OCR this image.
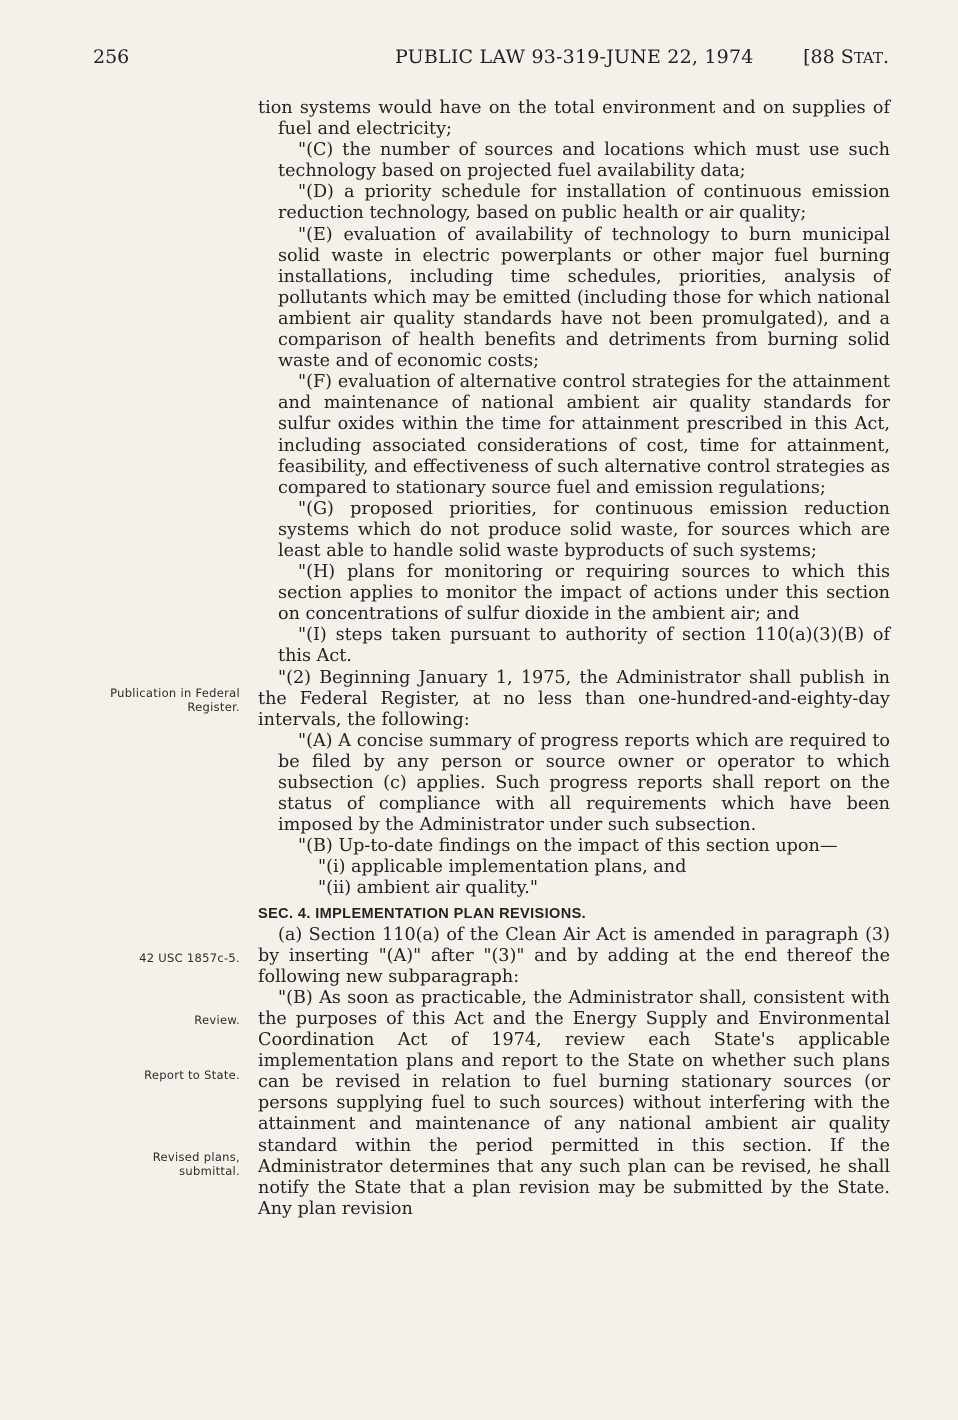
256	PUBLIC LAW 93-319-JUNE 22, 1974	[88 STAT.

tion systems would have on the total environment and on supplies of fuel and electricity;

"(C) the number of sources and locations which must use such technology based on projected fuel availability data;

"(D) a priority schedule for installation of continuous emission reduction technology, based on public health or air quality;

"(E) evaluation of availability of technology to burn municipal solid waste in electric powerplants or other major fuel burning installations, including time schedules, priorities, analysis of pollutants which may be emitted (including those for which national ambient air quality standards have not been promulgated), and a comparison of health benefits and detriments from burning solid waste and of economic costs;

"(F) evaluation of alternative control strategies for the attainment and maintenance of national ambient air quality standards for sulfur oxides within the time for attainment prescribed in this Act, including associated considerations of cost, time for attainment, feasibility, and effectiveness of such alternative control strategies as compared to stationary source fuel and emission regulations;

"(G) proposed priorities, for continuous emission reduction systems which do not produce solid waste, for sources which are least able to handle solid waste byproducts of such systems;

"(H) plans for monitoring or requiring sources to which this section applies to monitor the impact of actions under this section on concentrations of sulfur dioxide in the ambient air; and

"(I) steps taken pursuant to authority of section 110(a)(3)(B) of this Act.

"(2) Beginning January 1, 1975, the Administrator shall publish in the Federal Register, at no less than one-hundred-and-eighty-day intervals, the following:

"(A) A concise summary of progress reports which are required to be filed by any person or source owner or operator to which subsection (c) applies. Such progress reports shall report on the status of compliance with all requirements which have been imposed by the Administrator under such subsection.

"(B) Up-to-date findings on the impact of this section upon—

"(i) applicable implementation plans, and

"(ii) ambient air quality."

SEC. 4. IMPLEMENTATION PLAN REVISIONS.

(a) Section 110(a) of the Clean Air Act is amended in paragraph (3) by inserting "(A)" after "(3)" and by adding at the end thereof the following new subparagraph:

"(B) As soon as practicable, the Administrator shall, consistent with the purposes of this Act and the Energy Supply and Environmental Coordination Act of 1974, review each State's applicable implementation plans and report to the State on whether such plans can be revised in relation to fuel burning stationary sources (or persons supplying fuel to such sources) without interfering with the attainment and maintenance of any national ambient air quality standard within the period permitted in this section. If the Administrator determines that any such plan can be revised, he shall notify the State that a plan revision may be submitted by the State. Any plan revision

Publication in Federal Register.
42 USC 1857c-5.
Review.
Report to State.
Revised plans, submittal.
